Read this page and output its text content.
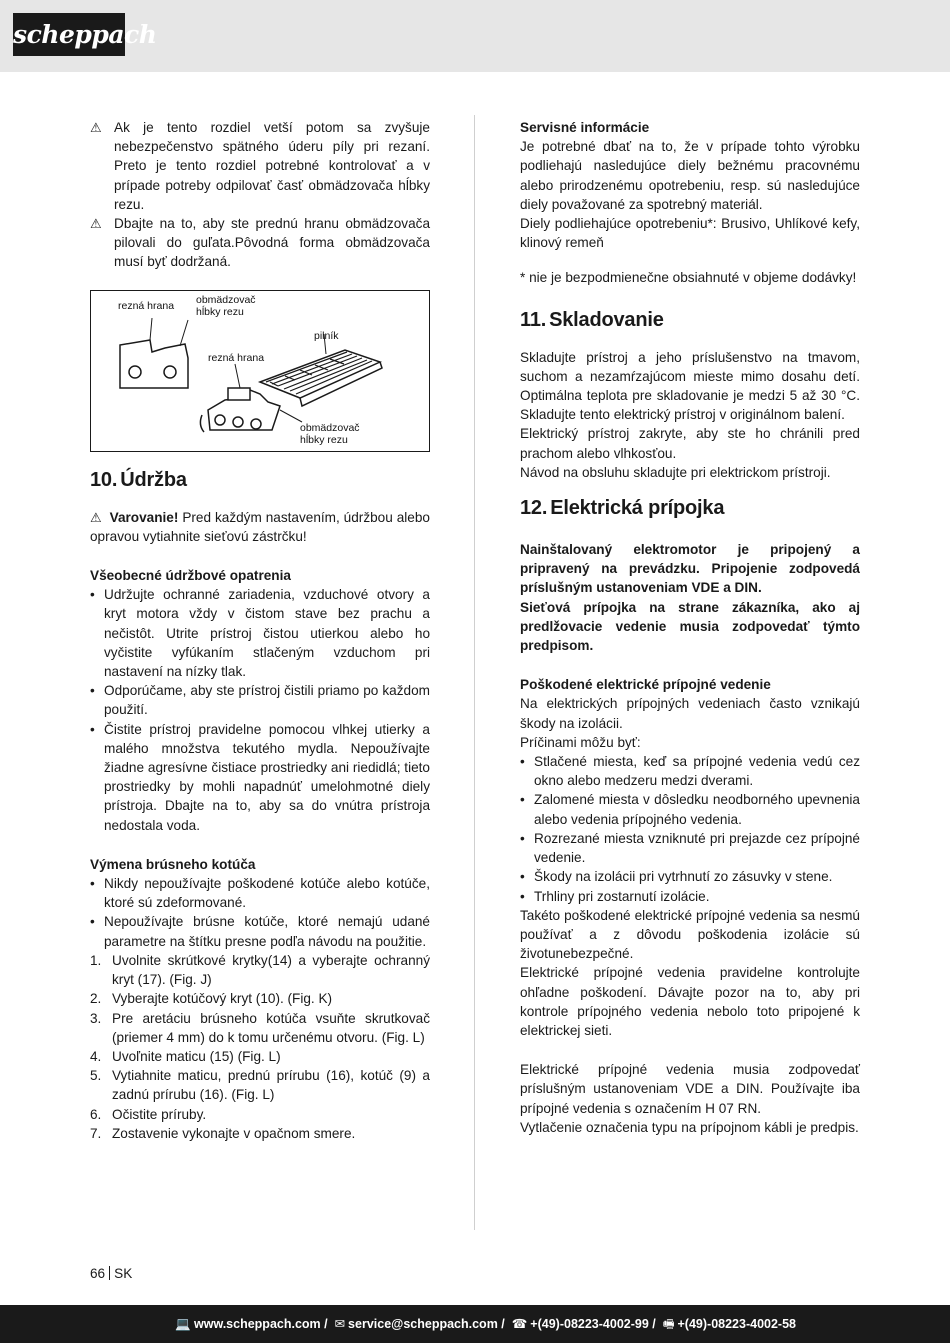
scheppach

⚠ Ak je tento rozdiel vetší potom sa zvyšuje nebezpečenstvo spätného úderu píly pri rezaní. Preto je tento rozdiel potrebné kontrolovať a v prípade potreby odpilovať časť obmädzovača hĺbky rezu.

⚠ Dbajte na to, aby ste prednú hranu obmädzovača pilovali do guľata.Pôvodná forma obmädzovača musí byť dodržaná.

rezná hrana obmädzovač
hĺbky rezu
pilník
rezná hrana
obmädzovač
hĺbky rezu
10. Údržba

⚠ Varovanie! Pred každým nastavením, údržbou alebo opravou vytiahnite sieťovú zástrčku!

Všeobecné údržbové opatrenia

• Udržujte ochranné zariadenia, vzduchové otvory a kryt motora vždy v čistom stave bez prachu a nečistôt. Utrite prístroj čistou utierkou alebo ho vyčistite vyfúkaním stlačeným vzduchom pri nastavení na nízky tlak.
• Odporúčame, aby ste prístroj čistili priamo po každom použití.
• Čistite prístroj pravidelne pomocou vlhkej utierky a malého množstva tekutého mydla. Nepoužívajte žiadne agresívne čistiace prostriedky ani riedidlá; tieto prostriedky by mohli napadnúť umelohmotné diely prístroja. Dbajte na to, aby sa do vnútra prístroja nedostala voda.

Výmena brúsneho kotúča

• Nikdy nepoužívajte poškodené kotúče alebo kotúče, ktoré sú zdeformované.
• Nepoužívajte brúsne kotúče, ktoré nemajú udané parametre na štítku presne podľa návodu na použitie.
1. Uvolnite skrútkové krytky(14) a vyberajte ochranný kryt (17). (Fig. J)
2. Vyberajte kotúčový kryt (10). (Fig. K)
3. Pre aretáciu brúsneho kotúča vsuňte skrutkovač (priemer 4 mm) do k tomu určenému otvoru. (Fig. L)
4. Uvoľnite maticu (15) (Fig. L)
5. Vytiahnite maticu, prednú prírubu (16), kotúč (9) a zadnú prírubu (16). (Fig. L)
6. Očistite príruby.
7. Zostavenie vykonajte v opačnom smere.

Servisné informácie

Je potrebné dbať na to, že v prípade tohto výrobku podliehajú nasledujúce diely bežnému pracovnému alebo prirodzenému opotrebeniu, resp. sú nasledujúce diely považované za spotrebný materiál.

Diely podliehajúce opotrebeniu*: Brusivo, Uhlíkové kefy, klinový remeň

* nie je bezpodmienečne obsiahnuté v objeme dodávky!

11. Skladovanie

Skladujte prístroj a jeho príslušenstvo na tmavom, suchom a nezamŕzajúcom mieste mimo dosahu detí. Optimálna teplota pre skladovanie je medzi 5 až 30 °C. Skladujte tento elektrický prístroj v originálnom balení.

Elektrický prístroj zakryte, aby ste ho chránili pred prachom alebo vlhkosťou.

Návod na obsluhu skladujte pri elektrickom prístroji.

12. Elektrická prípojka

Nainštalovaný elektromotor je pripojený a pripravený na prevádzku. Pripojenie zodpovedá príslušným ustanoveniam VDE a DIN.

Sieťová prípojka na strane zákazníka, ako aj predlžovacie vedenie musia zodpovedať týmto predpisom.

Poškodené elektrické prípojné vedenie

Na elektrických prípojných vedeniach často vznikajú škody na izolácii.

Príčinami môžu byť:

• Stlačené miesta, keď sa prípojné vedenia vedú cez okno alebo medzeru medzi dverami.
• Zalomené miesta v dôsledku neodborného upevnenia alebo vedenia prípojného vedenia.
• Rozrezané miesta vzniknuté pri prejazde cez prípojné vedenie.
• Škody na izolácii pri vytrhnutí zo zásuvky v stene.
• Trhliny pri zostarnutí izolácie.

Takéto poškodené elektrické prípojné vedenia sa nesmú používať a z dôvodu poškodenia izolácie sú životunebezpečné.

Elektrické prípojné vedenia pravidelne kontrolujte ohľadne poškodení. Dávajte pozor na to, aby pri kontrole prípojného vedenia nebolo toto pripojené k elektrickej sieti.

Elektrické prípojné vedenia musia zodpovedať príslušným ustanoveniam VDE a DIN. Používajte iba prípojné vedenia s označením H 07 RN.

Vytlačenie označenia typu na prípojnom kábli je predpis.

66 SK
💻 www.scheppach.com /  ✉ service@scheppach.com /  ☎ +(49)-08223-4002-99 /  🖷 +(49)-08223-4002-58
